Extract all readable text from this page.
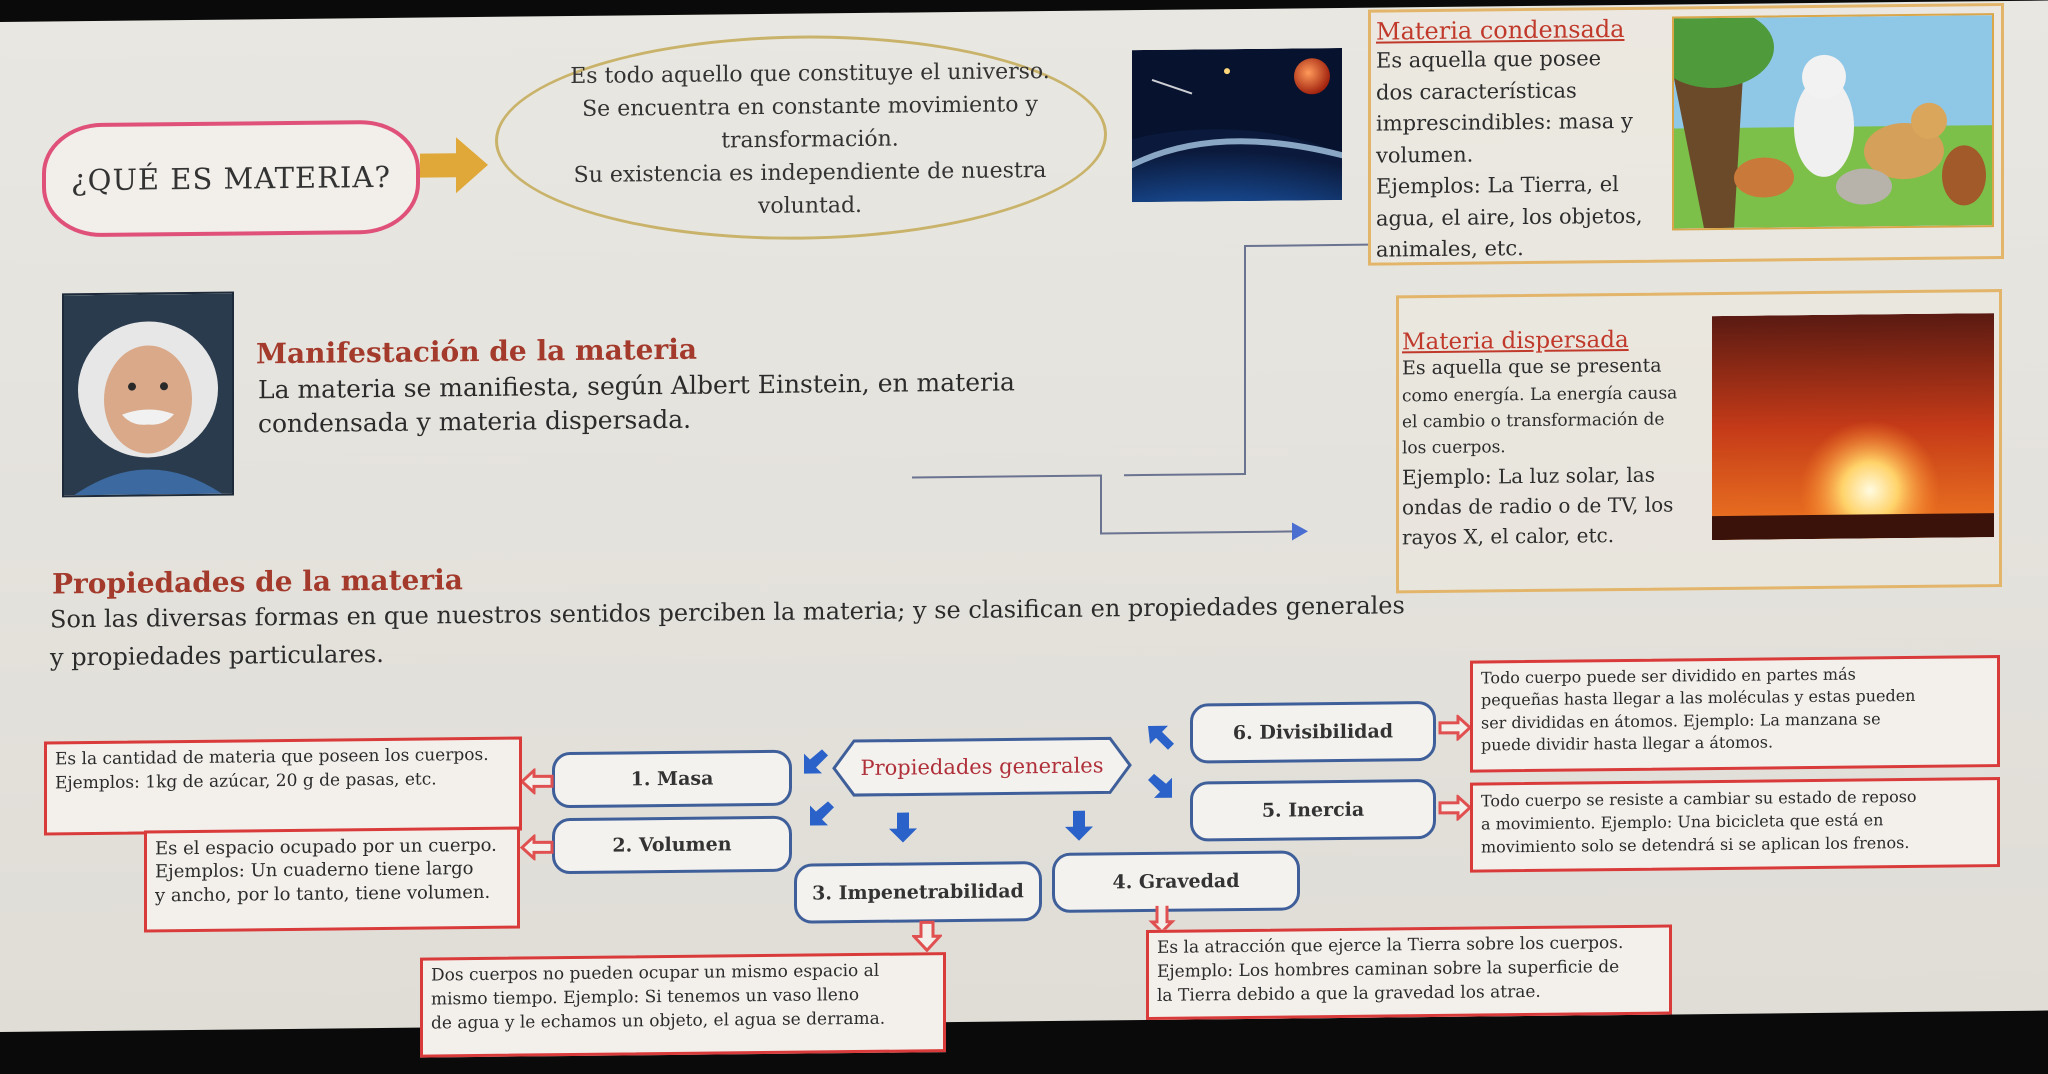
¿QUÉ ES MATERIA?
Es todo aquello que constituye el universo.
Se encuentra en constante movimiento y
transformación.
Su existencia es independiente de nuestra
voluntad.
Materia condensada
Es aquella que posee
dos características
imprescindibles: masa y
volumen.
Ejemplos: La Tierra, el
agua, el aire, los objetos,
animales, etc.
Manifestación de la materia
La materia se manifiesta, según Albert Einstein, en materia
condensada y materia dispersada.
Materia dispersada
Es aquella que se presenta
como energía. La energía causa
el cambio o transformación de
los cuerpos.
Ejemplo: La luz solar, las
ondas de radio o de TV, los
rayos X, el calor, etc.
Propiedades de la materia
Son las diversas formas en que nuestros sentidos perciben la materia; y se clasifican en propiedades generales
y propiedades particulares.
Propiedades generales
1. Masa
2. Volumen
3. Impenetrabilidad	4. Gravedad
5. Inercia
6. Divisibilidad
Es la cantidad de materia que poseen los cuerpos.
Ejemplos: 1kg de azúcar, 20 g de pasas, etc.
Es el espacio ocupado por un cuerpo.
Ejemplos: Un cuaderno tiene largo
y ancho, por lo tanto, tiene volumen.
Dos cuerpos no pueden ocupar un mismo espacio al
mismo tiempo. Ejemplo: Si tenemos un vaso lleno
de agua y le echamos un objeto, el agua se derrama.
Es la atracción que ejerce la Tierra sobre los cuerpos.
Ejemplo: Los hombres caminan sobre la superficie de
la Tierra debido a que la gravedad los atrae.
Todo cuerpo puede ser dividido en partes más
pequeñas hasta llegar a las moléculas y estas pueden
ser divididas en átomos. Ejemplo: La manzana se
puede dividir hasta llegar a átomos.
Todo cuerpo se resiste a cambiar su estado de reposo
a movimiento. Ejemplo: Una bicicleta que está en
movimiento solo se detendrá si se aplican los frenos.
